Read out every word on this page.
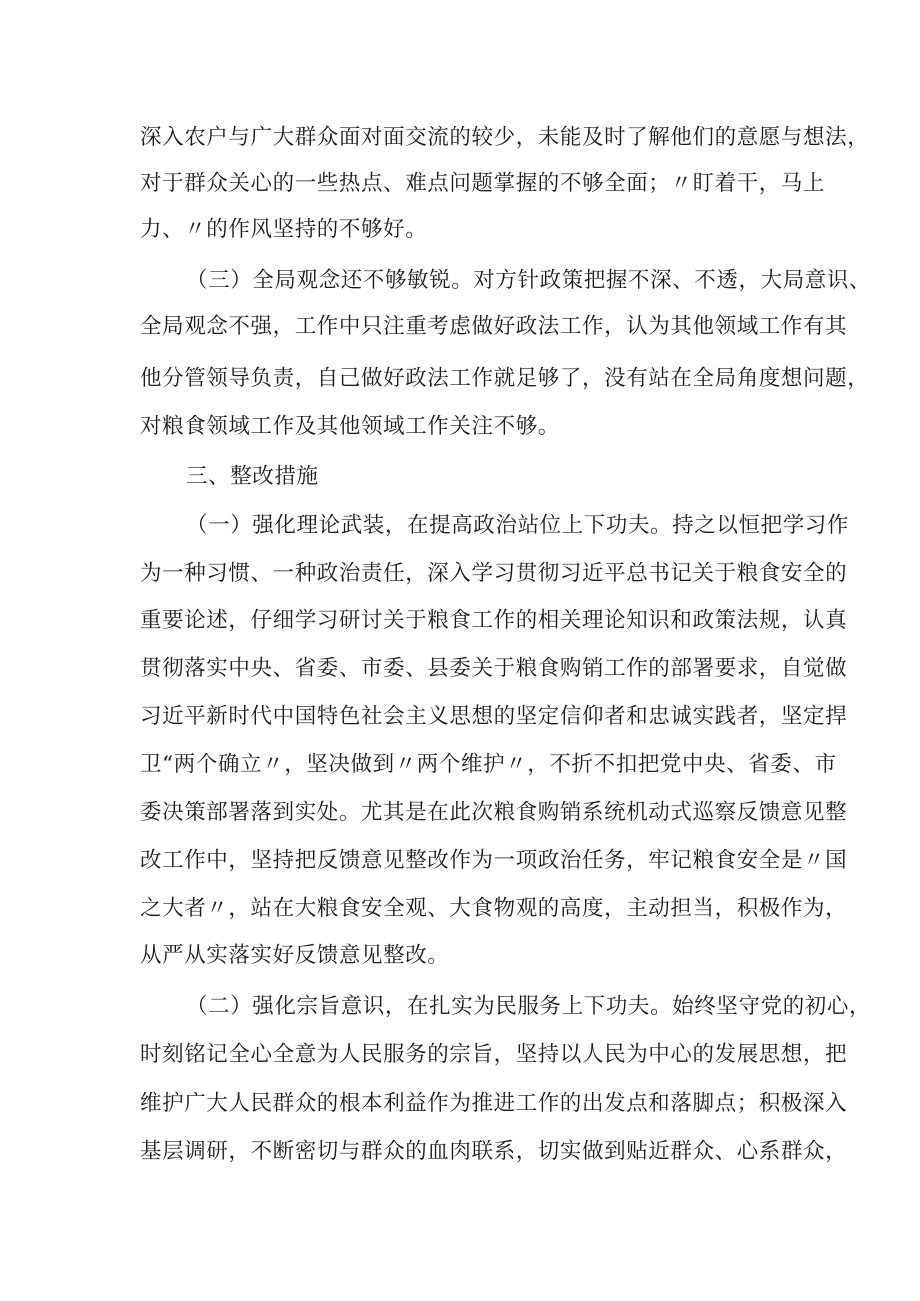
深入农户与广大群众面对面交流的较少，未能及时了解他们的意愿与想法，
对于群众关心的一些热点、难点问题掌握的不够全面；〃盯着干，马上
力、〃的作风坚持的不够好。
（三）全局观念还不够敏锐。对方针政策把握不深、不透，大局意识、
全局观念不强，工作中只注重考虑做好政法工作，认为其他领域工作有其
他分管领导负责，自己做好政法工作就足够了，没有站在全局角度想问题，
对粮食领域工作及其他领域工作关注不够。
三、整改措施
（一）强化理论武装，在提高政治站位上下功夫。持之以恒把学习作
为一种习惯、一种政治责任，深入学习贯彻习近平总书记关于粮食安全的
重要论述，仔细学习研讨关于粮食工作的相关理论知识和政策法规，认真
贯彻落实中央、省委、市委、县委关于粮食购销工作的部署要求，自觉做
习近平新时代中国特色社会主义思想的坚定信仰者和忠诚实践者，坚定捍
卫“两个确立〃，坚决做到〃两个维护〃，不折不扣把党中央、省委、市
委决策部署落到实处。尤其是在此次粮食购销系统机动式巡察反馈意见整
改工作中，坚持把反馈意见整改作为一项政治任务，牢记粮食安全是〃国
之大者〃，站在大粮食安全观、大食物观的高度，主动担当，积极作为，
从严从实落实好反馈意见整改。
（二）强化宗旨意识，在扎实为民服务上下功夫。始终坚守党的初心，
时刻铭记全心全意为人民服务的宗旨，坚持以人民为中心的发展思想，把
维护广大人民群众的根本利益作为推进工作的出发点和落脚点；积极深入
基层调研，不断密切与群众的血肉联系，切实做到贴近群众、心系群众，
